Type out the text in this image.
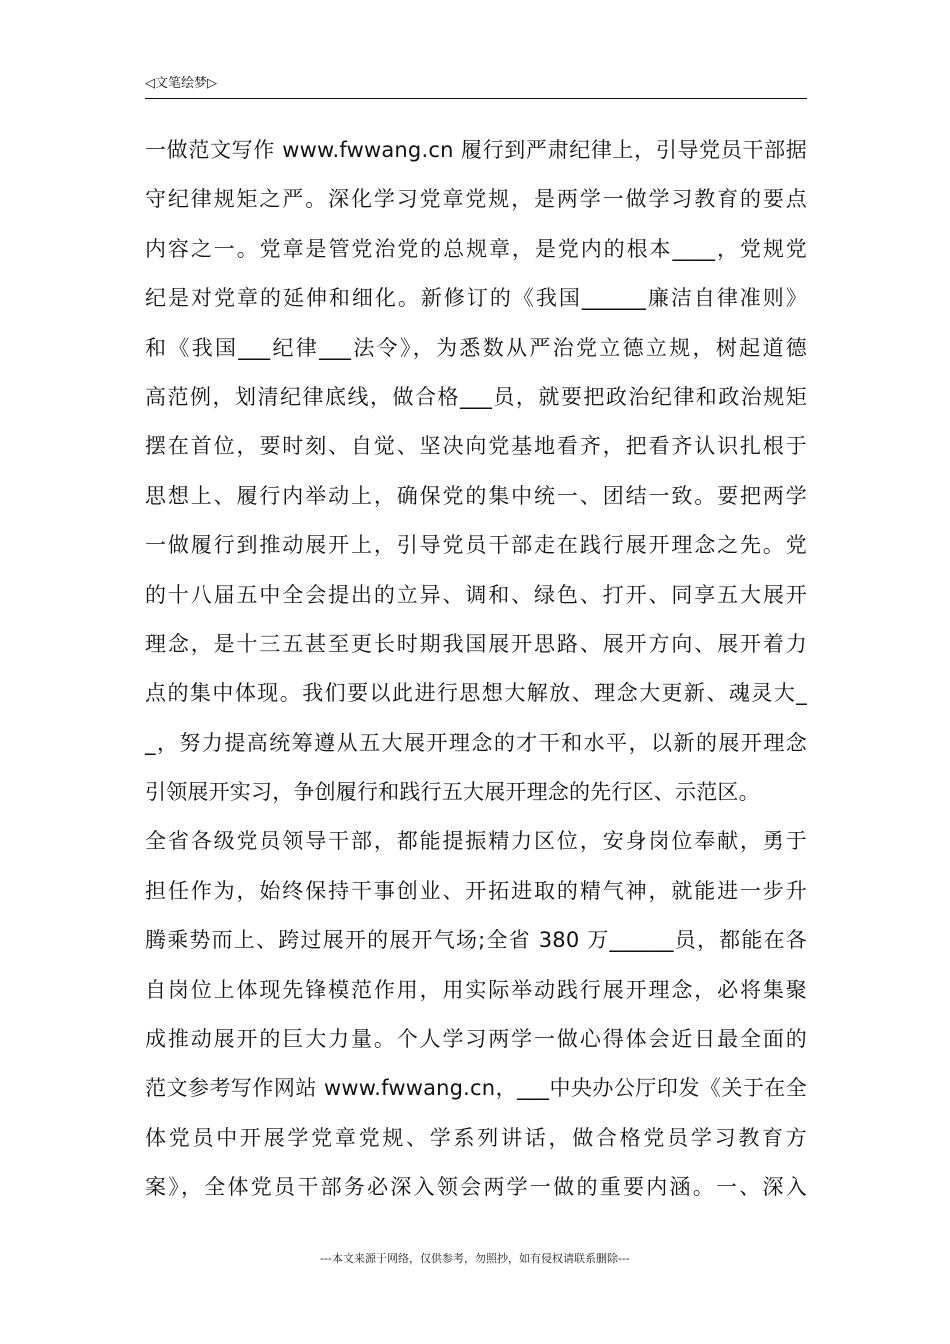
◁文笔绘梦▷
一做范文写作 www.fwwang.cn 履行到严肃纪律上，引导党员干部据
守纪律规矩之严。深化学习党章党规，是两学一做学习教育的要点
内容之一。党章是管党治党的总规章，是党内的根本____，党规党
纪是对党章的延伸和细化。新修订的《我国______廉洁自律准则》
和《我国___纪律___法令》，为悉数从严治党立德立规，树起道德
高范例，划清纪律底线，做合格___员，就要把政治纪律和政治规矩
摆在首位，要时刻、自觉、坚决向党基地看齐，把看齐认识扎根于
思想上、履行内举动上，确保党的集中统一、团结一致。要把两学
一做履行到推动展开上，引导党员干部走在践行展开理念之先。党
的十八届五中全会提出的立异、调和、绿色、打开、同享五大展开
理念，是十三五甚至更长时期我国展开思路、展开方向、展开着力
点的集中体现。我们要以此进行思想大解放、理念大更新、魂灵大_
_，努力提高统筹遵从五大展开理念的才干和水平，以新的展开理念
引领展开实习，争创履行和践行五大展开理念的先行区、示范区。
全省各级党员领导干部，都能提振精力区位，安身岗位奉献，勇于
担任作为，始终保持干事创业、开拓进取的精气神，就能进一步升
腾乘势而上、跨过展开的展开气场;全省 380 万______员，都能在各
自岗位上体现先锋模范作用，用实际举动践行展开理念，必将集聚
成推动展开的巨大力量。个人学习两学一做心得体会近日最全面的
范文参考写作网站 www.fwwang.cn，___中央办公厅印发《关于在全
体党员中开展学党章党规、学系列讲话，做合格党员学习教育方
案》，全体党员干部务必深入领会两学一做的重要内涵。一、深入
---本文来源于网络，仅供参考，勿照抄，如有侵权请联系删除---
